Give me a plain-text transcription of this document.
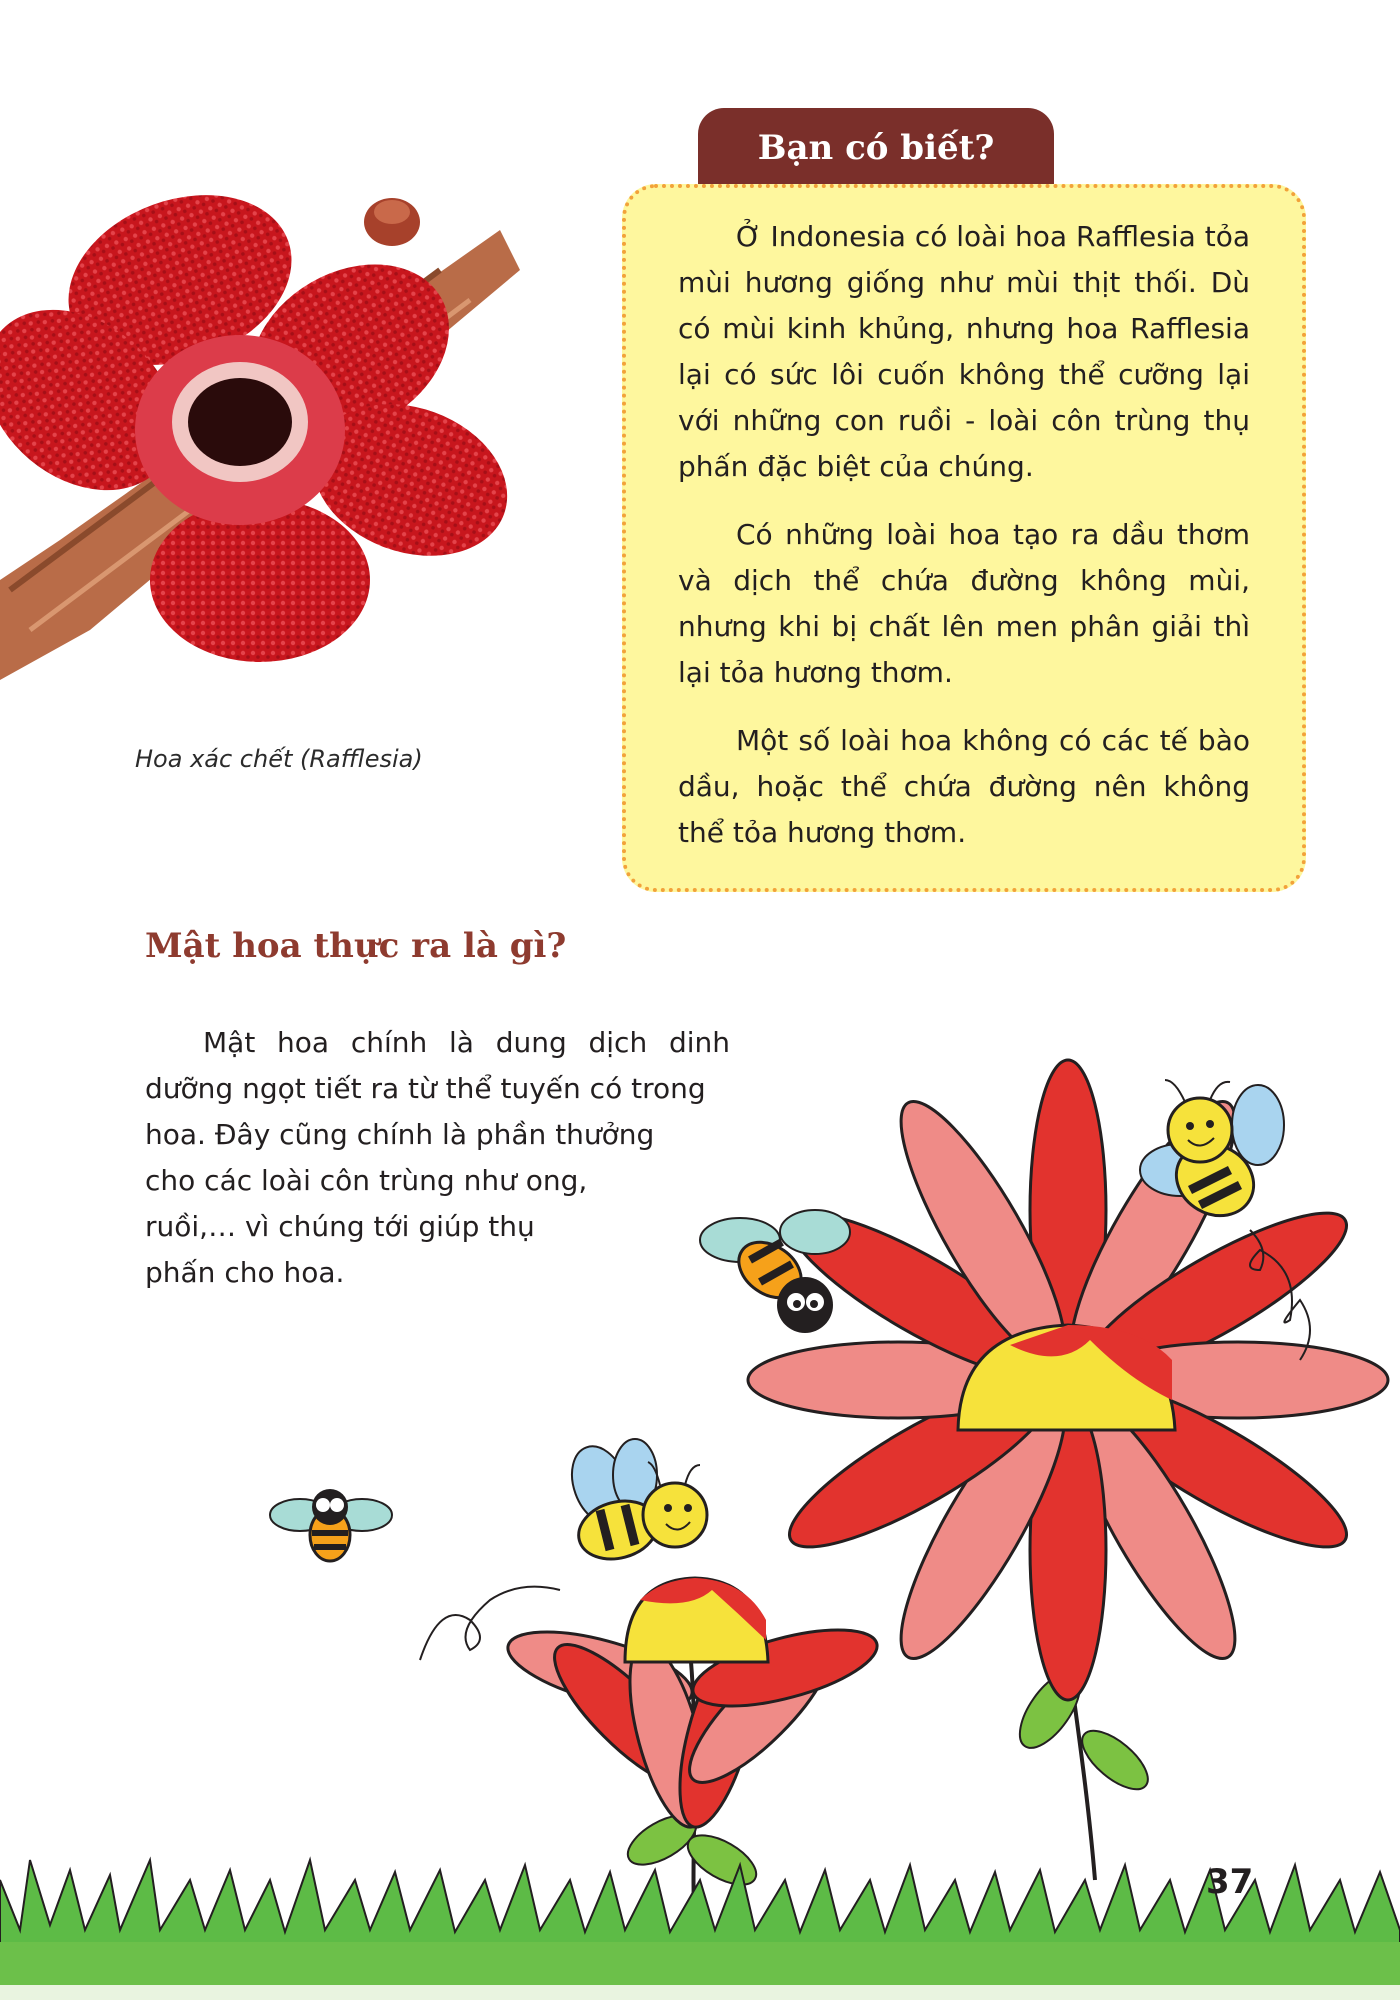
Hoa xác chết (Rafflesia)
Bạn có biết?

Ở Indonesia có loài hoa Rafflesia tỏa mùi hương giống như mùi thịt thối. Dù có mùi kinh khủng, nhưng hoa Rafflesia lại có sức lôi cuốn không thể cưỡng lại với những con ruồi - loài côn trùng thụ phấn đặc biệt của chúng.

Có những loài hoa tạo ra dầu thơm và dịch thể chứa đường không mùi, nhưng khi bị chất lên men phân giải thì lại tỏa hương thơm.

Một số loài hoa không có các tế bào dầu, hoặc thể chứa đường nên không thể tỏa hương thơm.

Mật hoa thực ra là gì?
Mật hoa chính là dung dịch dinh
dưỡng ngọt tiết ra từ thể tuyến có trong
hoa. Đây cũng chính là phần thưởng
cho các loài côn trùng như ong,
ruồi,… vì chúng tới giúp thụ
phấn cho hoa.
37
